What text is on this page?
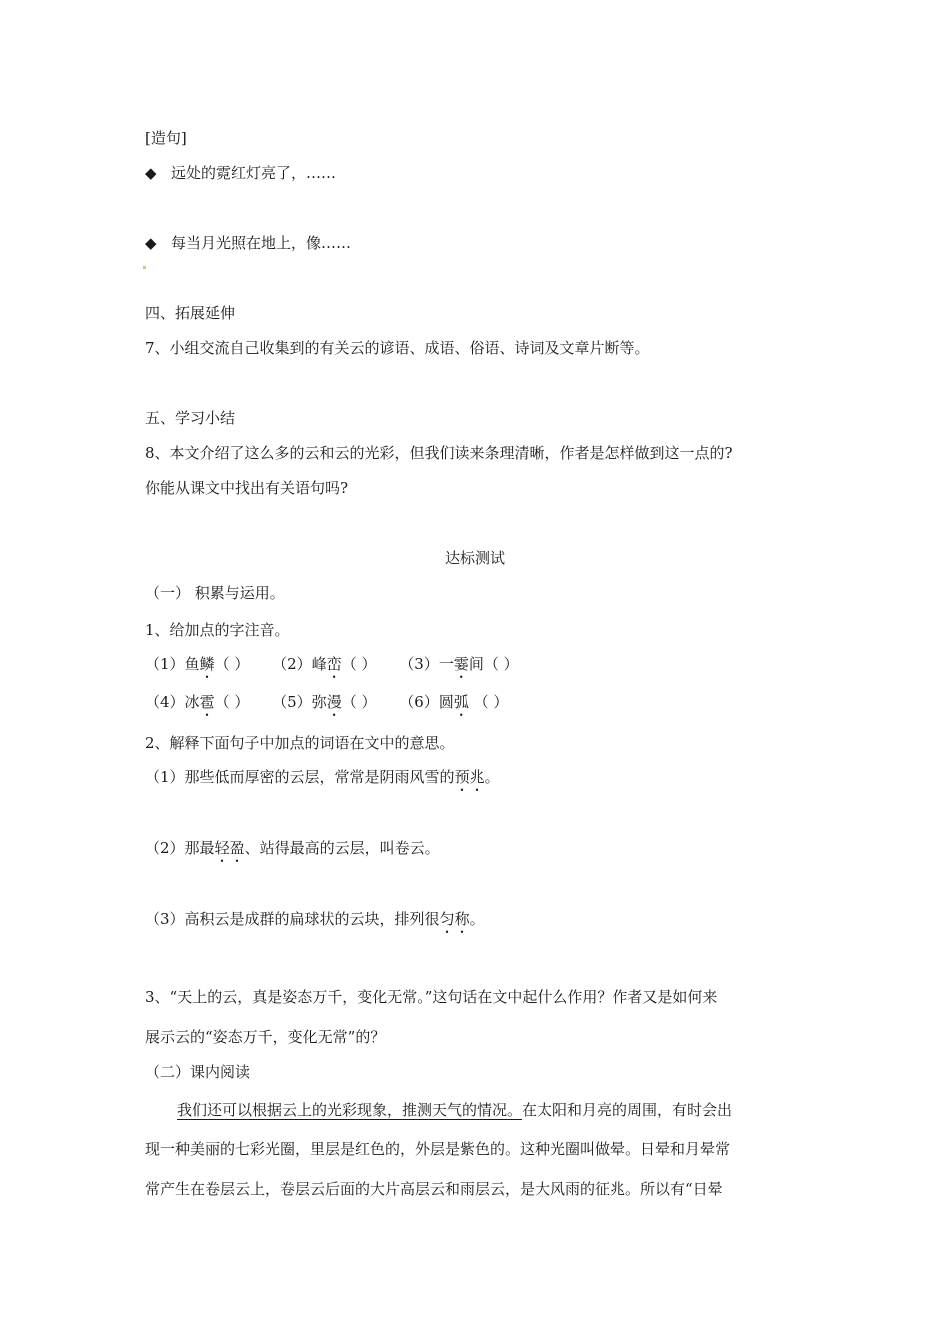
[造句]
◆ 远处的霓红灯亮了，……
◆ 每当月光照在地上，像……
四、拓展延伸
7、小组交流自己收集到的有关云的谚语、成语、俗语、诗词及文章片断等。
五、学习小结
8、本文介绍了这么多的云和云的光彩，但我们读来条理清晰，作者是怎样做到这一点的?
你能从课文中找出有关语句吗?
达标测试
（一） 积累与运用。
1、给加点的字注音。
（1）鱼鳞（ ） （2）峰峦（ ） （3）一霎间（ ）
（4）冰雹（ ） （5）弥漫（ ） （6）圆弧 （ ）
2、解释下面句子中加点的词语在文中的意思。
（1）那些低而厚密的云层，常常是阴雨风雪的预兆。
（2）那最轻盈、站得最高的云层，叫卷云。
（3）高积云是成群的扁球状的云块，排列很匀称。
3、“天上的云，真是姿态万千，变化无常。”这句话在文中起什么作用？作者又是如何来
展示云的“姿态万千，变化无常”的？
（二）课内阅读
我们还可以根据云上的光彩现象，推测天气的情况。在太阳和月亮的周围，有时会出
现一种美丽的七彩光圈，里层是红色的，外层是紫色的。这种光圈叫做晕。日晕和月晕常
常产生在卷层云上，卷层云后面的大片高层云和雨层云，是大风雨的征兆。所以有“日晕
